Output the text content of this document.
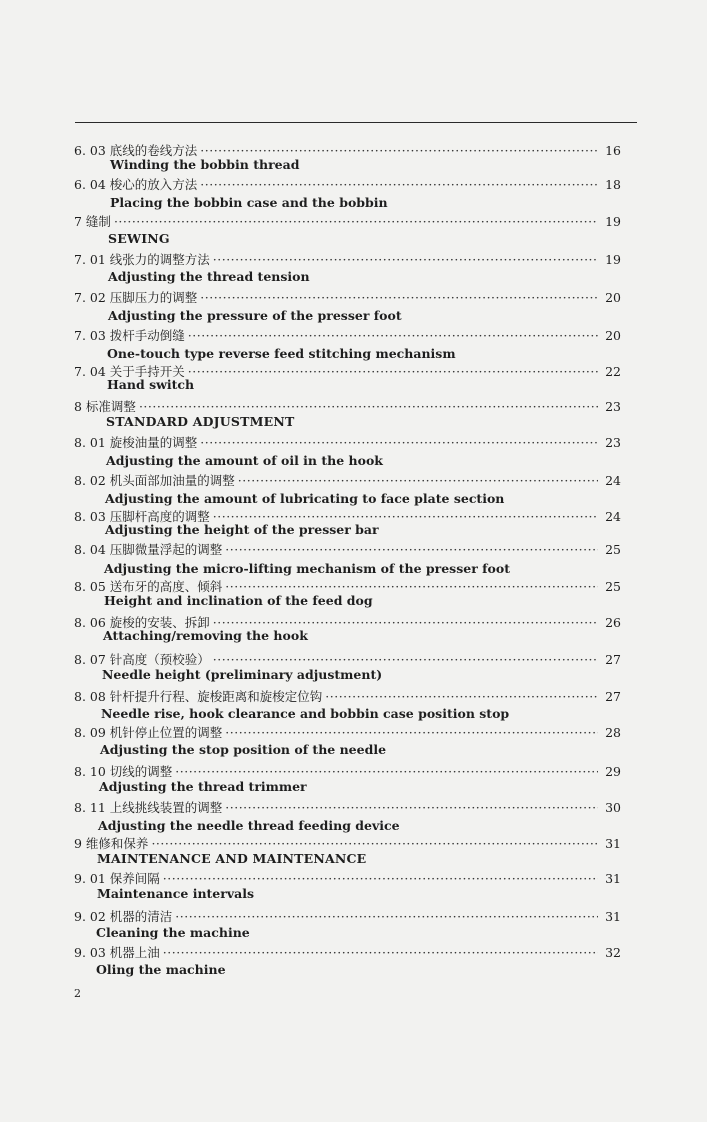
6. 03 底线的卷线方法 ·····	16
Winding the bobbin thread
6. 04 梭心的放入方法 ·····	18
Placing the bobbin case and the bobbin
7 缝制 ·····	19
SEWING
7. 01 线张力的调整方法 ·····	19
Adjusting the thread tension
7. 02 压脚压力的调整 ·····	20
Adjusting the pressure of the presser foot
7. 03 拨杆手动倒缝 ·····	20
One-touch type reverse feed stitching mechanism
7. 04 关于手持开关 ·····	22
Hand switch
8 标准调整 ·····	23
STANDARD ADJUSTMENT
8. 01 旋梭油量的调整 ·····	23
Adjusting the amount of oil in the hook
8. 02 机头面部加油量的调整 ·····	24
Adjusting the amount of lubricating to face plate section
8. 03 压脚杆高度的调整 ·····	24
Adjusting the height of the presser bar
8. 04 压脚微量浮起的调整 ·····	25
Adjusting the micro-lifting mechanism of the presser foot
8. 05 送布牙的高度、倾斜 ·····	25
Height and inclination of the feed dog
8. 06 旋梭的安装、拆卸 ·····	26
Attaching/removing the hook
8. 07 针高度（预校验） ·····	27
Needle height (preliminary adjustment)
8. 08 针杆提升行程、旋梭距离和旋梭定位钩 ·····	27
Needle rise, hook clearance and bobbin case position stop
8. 09 机针停止位置的调整 ·····	28
Adjusting the stop position of the needle
8. 10 切线的调整 ·····	29
Adjusting the thread trimmer
8. 11 上线挑线装置的调整 ·····	30
Adjusting the needle thread feeding device
9 维修和保养 ·····	31
MAINTENANCE AND MAINTENANCE
9. 01 保养间隔 ·····	31
Maintenance intervals
9. 02 机器的清洁 ·····	31
Cleaning the machine
9. 03 机器上油 ·····	32
Oling the machine
2
